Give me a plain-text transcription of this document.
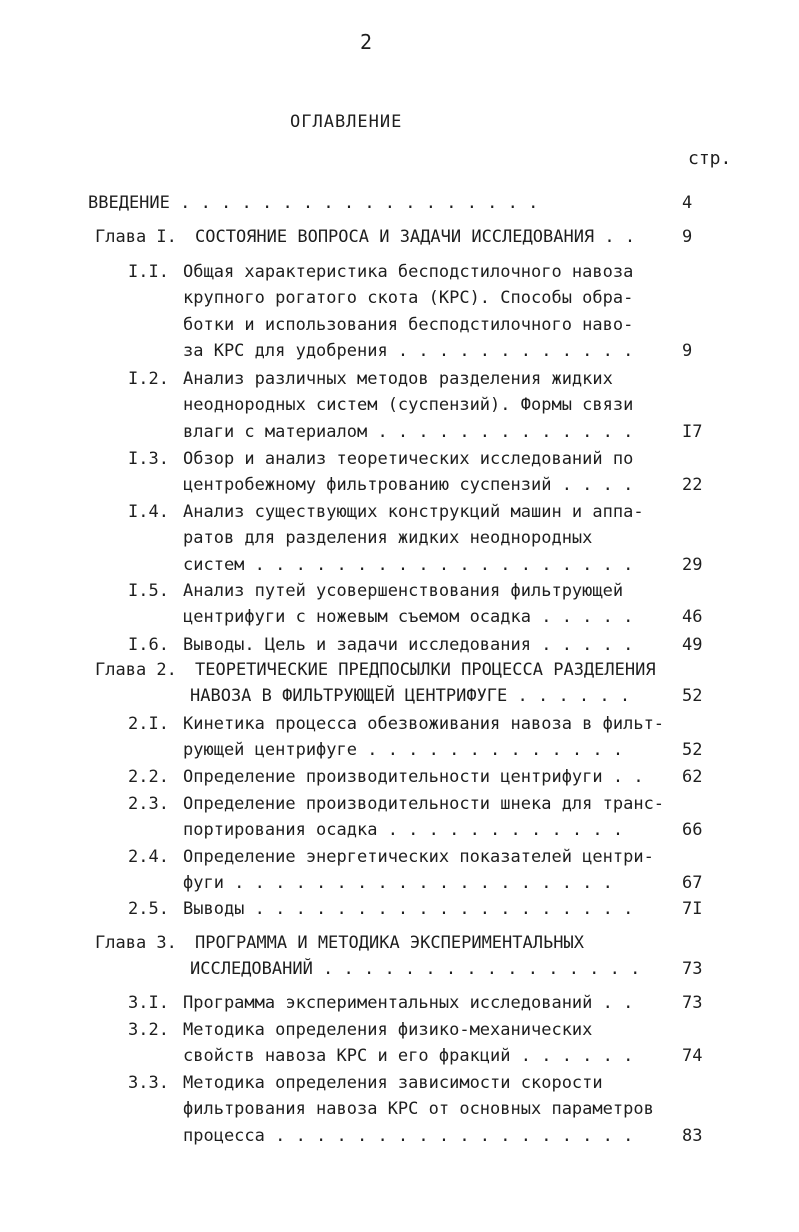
2
ОГЛАВЛЕНИЕ
стр.
ВВЕДЕНИЕ . . . . . . . . . . . . . . . . . .	4
Глава I. СОСТОЯНИЕ ВОПРОСА И ЗАДАЧИ ИССЛЕДОВАНИЯ . .	9
I.I. Общая характеристика бесподстилочного навоза
крупного рогатого скота (КРС). Способы обра-
ботки и использования бесподстилочного наво-
за КРС для удобрения . . . . . . . . . . . .	9
I.2. Анализ различных методов разделения жидких
неоднородных систем (суспензий). Формы связи
влаги с материалом . . . . . . . . . . . . .	I7
I.3. Обзор и анализ теоретических исследований по
центробежному фильтрованию суспензий . . . .	22
I.4. Анализ существующих конструкций машин и аппа-
ратов для разделения жидких неоднородных
систем . . . . . . . . . . . . . . . . . . .	29
I.5. Анализ путей усовершенствования фильтрующей
центрифуги с ножевым съемом осадка . . . . .	46
I.6. Выводы. Цель и задачи исследования . . . . .	49
Глава 2. ТЕОРЕТИЧЕСКИЕ ПРЕДПОСЫЛКИ ПРОЦЕССА РАЗДЕЛЕНИЯ
НАВОЗА В ФИЛЬТРУЮЩЕЙ ЦЕНТРИФУГЕ . . . . . .	52
2.I. Кинетика процесса обезвоживания навоза в фильт-
рующей центрифуге . . . . . . . . . . . . .	52
2.2. Определение производительности центрифуги . . 62
2.3. Определение производительности шнека для транс-
портирования осадка . . . . . . . . . . . .	66
2.4. Определение энергетических показателей центри-
фуги . . . . . . . . . . . . . . . . . . .	67
2.5. Выводы . . . . . . . . . . . . . . . . . . .	7I
Глава 3. ПРОГРАММА И МЕТОДИКА ЭКСПЕРИМЕНТАЛЬНЫХ
ИССЛЕДОВАНИЙ . . . . . . . . . . . . . . . . 73
3.I. Программа экспериментальных исследований . .	73
3.2. Методика определения физико-механических
свойств навоза КРС и его фракций . . . . . .	74
3.3. Методика определения зависимости скорости
фильтрования навоза КРС от основных параметров
процесса . . . . . . . . . . . . . . . . . .	83
